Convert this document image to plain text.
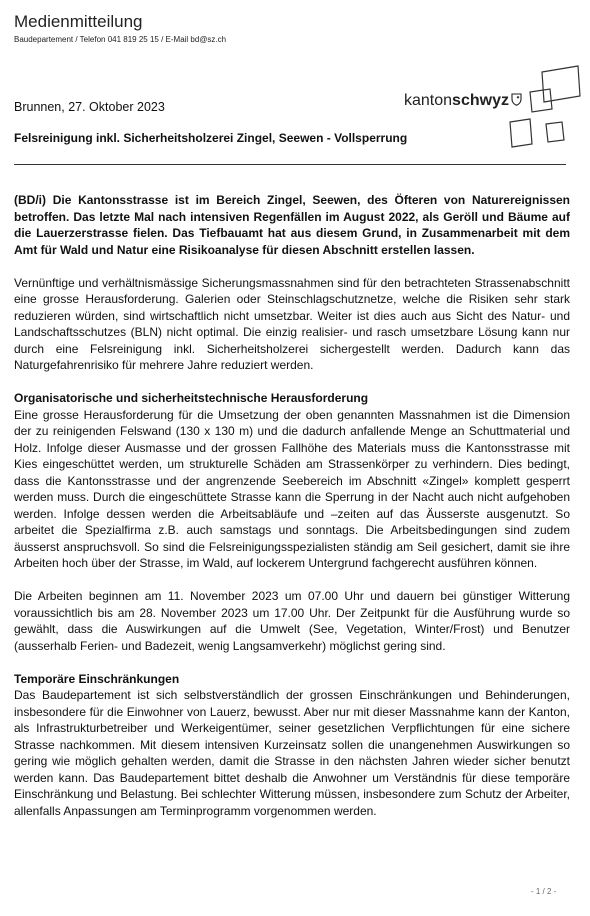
Medienmitteilung
Baudepartement / Telefon 041 819 25 15 / E-Mail bd@sz.ch
kantonschwyz
Brunnen, 27. Oktober 2023
Felsreinigung inkl. Sicherheitsholzerei Zingel, Seewen - Vollsperrung

(BD/i) Die Kantonsstrasse ist im Bereich Zingel, Seewen, des Öfteren von Naturereignissen betroffen. Das letzte Mal nach intensiven Regenfällen im August 2022, als Geröll und Bäume auf die Lauerzerstrasse fielen. Das Tiefbauamt hat aus diesem Grund, in Zusammenarbeit mit dem Amt für Wald und Natur eine Risikoanalyse für diesen Abschnitt erstellen lassen.

Vernünftige und verhältnismässige Sicherungsmassnahmen sind für den betrachteten Strassenabschnitt eine grosse Herausforderung. Galerien oder Steinschlagschutznetze, welche die Risiken sehr stark reduzieren würden, sind wirtschaftlich nicht umsetzbar. Weiter ist dies auch aus Sicht des Natur- und Landschaftsschutzes (BLN) nicht optimal. Die einzig realisier- und rasch umsetzbare Lösung kann nur durch eine Felsreinigung inkl. Sicherheitsholzerei sichergestellt werden. Dadurch kann das Naturgefahrenrisiko für mehrere Jahre reduziert werden.

Organisatorische und sicherheitstechnische Herausforderung

Eine grosse Herausforderung für die Umsetzung der oben genannten Massnahmen ist die Dimension der zu reinigenden Felswand (130 x 130 m) und die dadurch anfallende Menge an Schuttmaterial und Holz. Infolge dieser Ausmasse und der grossen Fallhöhe des Materials muss die Kantonsstrasse mit Kies eingeschüttet werden, um strukturelle Schäden am Strassenkörper zu verhindern. Dies bedingt, dass die Kantonsstrasse und der angrenzende Seebereich im Abschnitt «Zingel» komplett gesperrt werden muss. Durch die eingeschüttete Strasse kann die Sperrung in der Nacht auch nicht aufgehoben werden. Infolge dessen werden die Arbeitsabläufe und –zeiten auf das Äusserste ausgenutzt. So arbeitet die Spezialfirma z.B. auch samstags und sonntags. Die Arbeitsbedingungen sind zudem äusserst anspruchsvoll. So sind die Felsreinigungsspezialisten ständig am Seil gesichert, damit sie ihre Arbeiten hoch über der Strasse, im Wald, auf lockerem Untergrund fachgerecht ausführen können.

Die Arbeiten beginnen am 11. November 2023 um 07.00 Uhr und dauern bei günstiger Witterung voraussichtlich bis am 28. November 2023 um 17.00 Uhr. Der Zeitpunkt für die Ausführung wurde so gewählt, dass die Auswirkungen auf die Umwelt (See, Vegetation, Winter/Frost) und Benutzer (ausserhalb Ferien- und Badezeit, wenig Langsamverkehr) möglichst gering sind.

Temporäre Einschränkungen

Das Baudepartement ist sich selbstverständlich der grossen Einschränkungen und Behinderungen, insbesondere für die Einwohner von Lauerz, bewusst. Aber nur mit dieser Massnahme kann der Kanton, als Infrastrukturbetreiber und Werkeigentümer, seiner gesetzlichen Verpflichtungen für eine sichere Strasse nachkommen. Mit diesem intensiven Kurzeinsatz sollen die unangenehmen Auswirkungen so gering wie möglich gehalten werden, damit die Strasse in den nächsten Jahren wieder sicher benutzt werden kann. Das Baudepartement bittet deshalb die Anwohner um Verständnis für diese temporäre Einschränkung und Belastung. Bei schlechter Witterung müssen, insbesondere zum Schutz der Arbeiter, allenfalls Anpassungen am Terminprogramm vorgenommen werden.

- 1 / 2 -
